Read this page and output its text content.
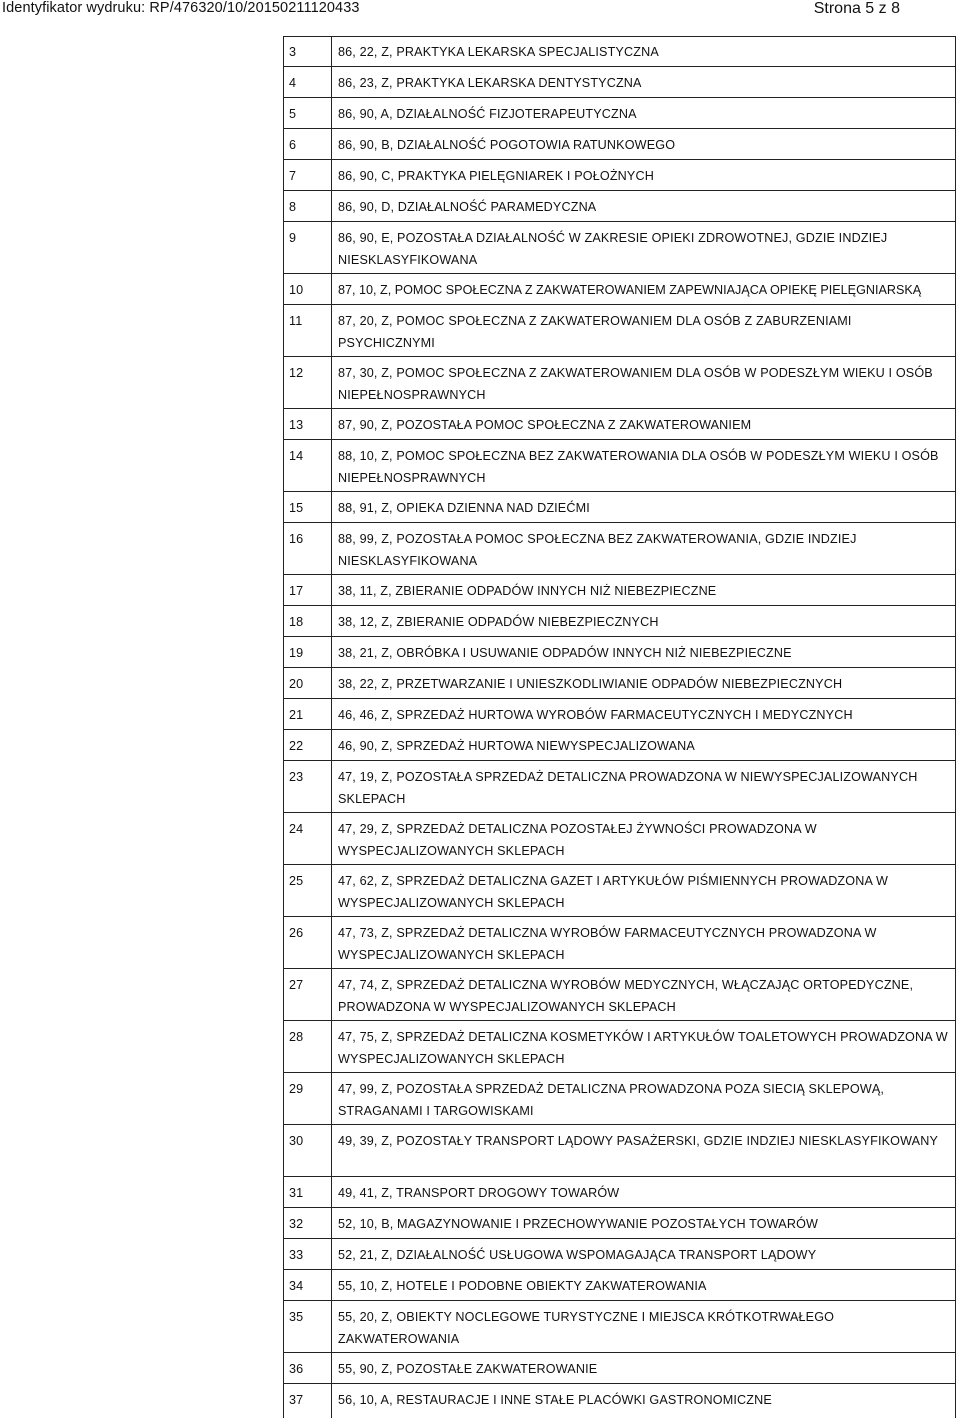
Identyfikator wydruku: RP/476320/10/20150211120433	Strona 5 z 8
3	86, 22, Z, PRAKTYKA LEKARSKA SPECJALISTYCZNA
4	86, 23, Z, PRAKTYKA LEKARSKA DENTYSTYCZNA
5	86, 90, A, DZIAŁALNOŚĆ FIZJOTERAPEUTYCZNA
6	86, 90, B, DZIAŁALNOŚĆ POGOTOWIA RATUNKOWEGO
7	86, 90, C, PRAKTYKA PIELĘGNIAREK I POŁOŻNYCH
8	86, 90, D, DZIAŁALNOŚĆ PARAMEDYCZNA
9	86, 90, E, POZOSTAŁA DZIAŁALNOŚĆ W ZAKRESIE OPIEKI ZDROWOTNEJ, GDZIE INDZIEJ NIESKLASYFIKOWANA
10	87, 10, Z, POMOC SPOŁECZNA Z ZAKWATEROWANIEM ZAPEWNIAJĄCA OPIEKĘ PIELĘGNIARSKĄ
11	87, 20, Z, POMOC SPOŁECZNA Z ZAKWATEROWANIEM DLA OSÓB Z ZABURZENIAMI PSYCHICZNYMI
12	87, 30, Z, POMOC SPOŁECZNA Z ZAKWATEROWANIEM DLA OSÓB W PODESZŁYM WIEKU I OSÓB NIEPEŁNOSPRAWNYCH
13	87, 90, Z, POZOSTAŁA POMOC SPOŁECZNA Z ZAKWATEROWANIEM
14	88, 10, Z, POMOC SPOŁECZNA BEZ ZAKWATEROWANIA DLA OSÓB W PODESZŁYM WIEKU I OSÓB NIEPEŁNOSPRAWNYCH
15	88, 91, Z, OPIEKA DZIENNA NAD DZIEĆMI
16	88, 99, Z, POZOSTAŁA POMOC SPOŁECZNA BEZ ZAKWATEROWANIA, GDZIE INDZIEJ NIESKLASYFIKOWANA
17	38, 11, Z, ZBIERANIE ODPADÓW INNYCH NIŻ NIEBEZPIECZNE
18	38, 12, Z, ZBIERANIE ODPADÓW NIEBEZPIECZNYCH
19	38, 21, Z, OBRÓBKA I USUWANIE ODPADÓW INNYCH NIŻ NIEBEZPIECZNE
20	38, 22, Z, PRZETWARZANIE I UNIESZKODLIWIANIE ODPADÓW NIEBEZPIECZNYCH
21	46, 46, Z, SPRZEDAŻ HURTOWA WYROBÓW FARMACEUTYCZNYCH I MEDYCZNYCH
22	46, 90, Z, SPRZEDAŻ HURTOWA NIEWYSPECJALIZOWANA
23	47, 19, Z, POZOSTAŁA SPRZEDAŻ DETALICZNA PROWADZONA W NIEWYSPECJALIZOWANYCH SKLEPACH
24	47, 29, Z, SPRZEDAŻ DETALICZNA POZOSTAŁEJ ŻYWNOŚCI PROWADZONA W WYSPECJALIZOWANYCH SKLEPACH
25	47, 62, Z, SPRZEDAŻ DETALICZNA GAZET I ARTYKUŁÓW PIŚMIENNYCH PROWADZONA W WYSPECJALIZOWANYCH SKLEPACH
26	47, 73, Z, SPRZEDAŻ DETALICZNA WYROBÓW FARMACEUTYCZNYCH PROWADZONA W WYSPECJALIZOWANYCH SKLEPACH
27	47, 74, Z, SPRZEDAŻ DETALICZNA WYROBÓW MEDYCZNYCH, WŁĄCZAJĄC ORTOPEDYCZNE, PROWADZONA W WYSPECJALIZOWANYCH SKLEPACH
28	47, 75, Z, SPRZEDAŻ DETALICZNA KOSMETYKÓW I ARTYKUŁÓW TOALETOWYCH PROWADZONA W WYSPECJALIZOWANYCH SKLEPACH
29	47, 99, Z, POZOSTAŁA SPRZEDAŻ DETALICZNA PROWADZONA POZA SIECIĄ SKLEPOWĄ, STRAGANAMI I TARGOWISKAMI
30	49, 39, Z, POZOSTAŁY TRANSPORT LĄDOWY PASAŻERSKI, GDZIE INDZIEJ NIESKLASYFIKOWANY
31	49, 41, Z, TRANSPORT DROGOWY TOWARÓW
32	52, 10, B, MAGAZYNOWANIE I PRZECHOWYWANIE POZOSTAŁYCH TOWARÓW
33	52, 21, Z, DZIAŁALNOŚĆ USŁUGOWA WSPOMAGAJĄCA TRANSPORT LĄDOWY
34	55, 10, Z, HOTELE I PODOBNE OBIEKTY ZAKWATEROWANIA
35	55, 20, Z, OBIEKTY NOCLEGOWE TURYSTYCZNE I MIEJSCA KRÓTKOTRWAŁEGO ZAKWATEROWANIA
36	55, 90, Z, POZOSTAŁE ZAKWATEROWANIE
37	56, 10, A, RESTAURACJE I INNE STAŁE PLACÓWKI GASTRONOMICZNE
